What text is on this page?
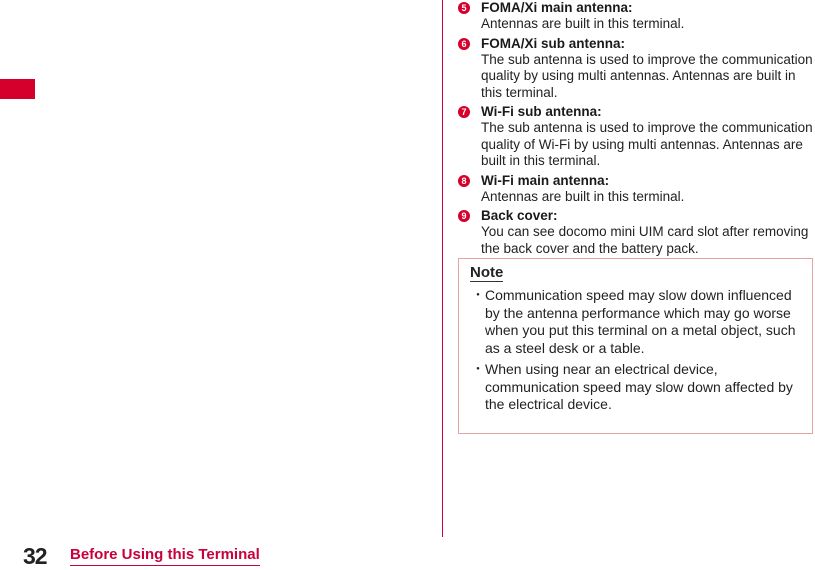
5 FOMA/Xi main antenna:
Antennas are built in this terminal.
6 FOMA/Xi sub antenna:
The sub antenna is used to improve the communication quality by using multi antennas. Antennas are built in this terminal.
7 Wi-Fi sub antenna:
The sub antenna is used to improve the communication quality of Wi-Fi by using multi antennas. Antennas are built in this terminal.
8 Wi-Fi main antenna:
Antennas are built in this terminal.
9 Back cover:
You can see docomo mini UIM card slot after removing the back cover and the battery pack.
Note
・ Communication speed may slow down influenced by the antenna performance which may go worse when you put this terminal on a metal object, such as a steel desk or a table.
・ When using near an electrical device, communication speed may slow down affected by the electrical device.
32 Before Using this Terminal
